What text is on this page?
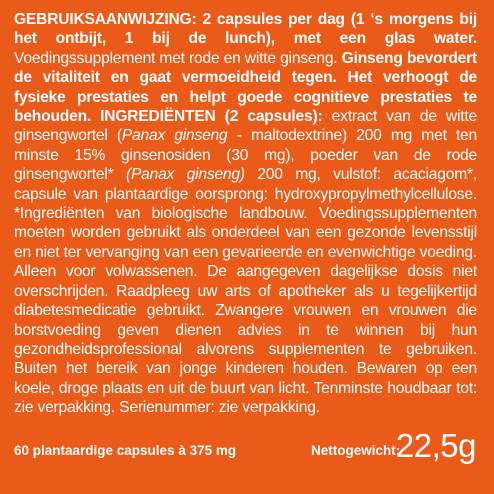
GEBRUIKSAANWIJZING: 2 capsules per dag (1 ‘s morgens bij het ontbijt, 1 bij de lunch), met een glas water. Voedingssupplement met rode en witte ginseng. Ginseng bevordert de vitaliteit en gaat vermoeidheid tegen. Het verhoogt de fysieke prestaties en helpt goede cognitieve prestaties te behouden. INGREDIËNTEN (2 capsules): extract van de witte ginsengwortel (Panax ginseng - maltodextrine) 200 mg met ten minste 15% ginsenosiden (30 mg), poeder van de rode ginsengwortel* (Panax ginseng) 200 mg, vulstof: acaciagom*, capsule van plantaardige oorsprong: hydroxypropylmethylcellulose. *Ingrediënten van biologische landbouw. Voedingssupplementen moeten worden gebruikt als onderdeel van een gezonde levensstijl en niet ter vervanging van een gevarieerde en evenwichtige voeding. Alleen voor volwassenen. De aangegeven dagelijkse dosis niet overschrijden. Raadpleeg uw arts of apotheker als u tegelijkertijd diabetesmedicatie gebruikt. Zwangere vrouwen en vrouwen die borstvoeding geven dienen advies in te winnen bij hun gezondheidsprofessional alvorens supplementen te gebruiken. Buiten het bereik van jonge kinderen houden. Bewaren op een koele, droge plaats en uit de buurt van licht. Tenminste houdbaar tot: zie verpakking. Serienummer: zie verpakking.
60 plantaardige capsules à 375 mg	Nettogewicht:
22,5g
